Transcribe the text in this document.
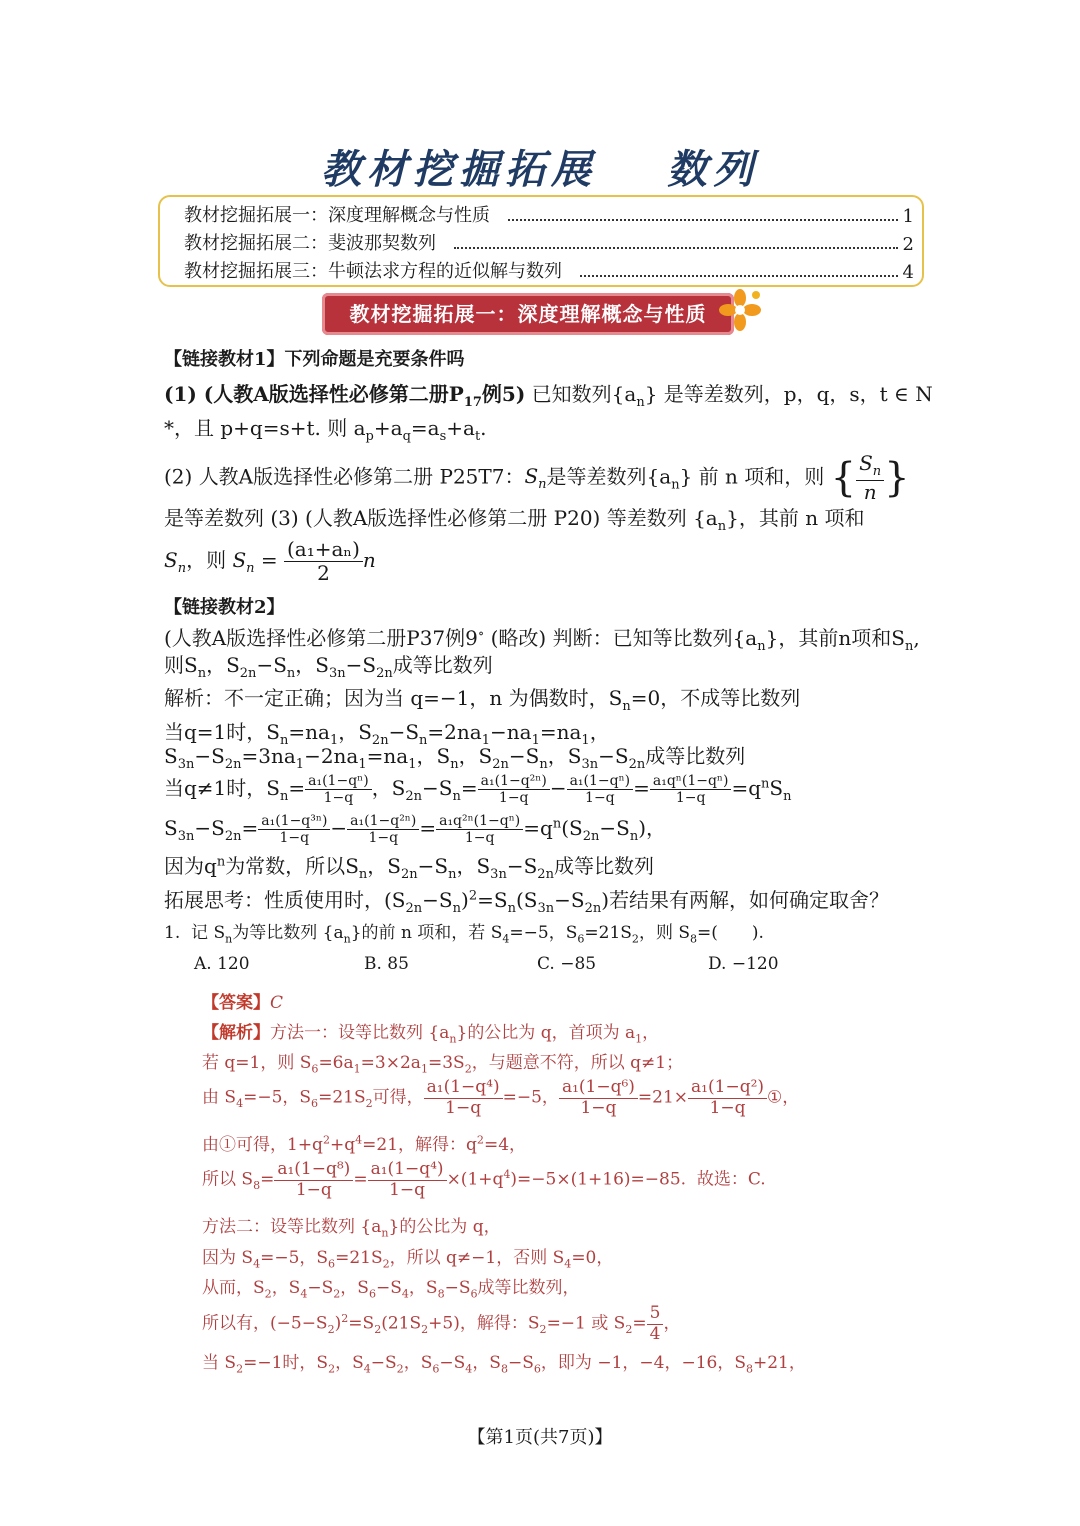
教材挖掘拓展 数列
教材挖掘拓展一：深度理解概念与性质	1
教材挖掘拓展二：斐波那契数列	2
教材挖掘拓展三：牛顿法求方程的近似解与数列	4
教材挖掘拓展一：深度理解概念与性质
【链接教材1】下列命题是充要条件吗
(1) (人教A版选择性必修第二册$P_{17}$例5) 已知数列$\{a_n\}$ 是等差数列，p，q，s，t ∈ N
*，且 p+q=s+t. 则 $a_p+a_q=a_s+a_t$.
(2) 人教A版选择性必修第二册 P25T7：$S_n$是等差数列$\{a_n\}$ 前 n 项和，则 { $\frac{S_n}{n}$ }
是等差数列 (3) (人教A版选择性必修第二册 P20) 等差数列 $\{a_n\}$，其前 n 项和
$S_n$，则 $S_n = \frac{\text{(a₁+aₙ)}}{2}$ n
【链接教材2】
(人教A版选择性必修第二册P37例9∘ (略改) 判断：已知等比数列$\{a_n\}$，其前n项和$S_n$,
则$S_n$，$S_{2n}-S_n$，$S_{3n}-S_{2n}$成等比数列
解析：不一定正确；因为当 q=−1，n 为偶数时，$S_n=0$，不成等比数列
当q=1时，$S_n=na_1$，$S_{2n}-S_n=2na_1-na_1=na_1$，
$S_{3n}-S_{2n}=3na_1-2na_1=na_1$，$S_n$，$S_{2n}-S_n$，$S_{3n}-S_{2n}$成等比数列
当q≠1时，$S_n= \frac{\text{a₁(1−qⁿ)}}{1-q}$ ，$S_{2n}-S_n= \frac{\text{a₁(1−q²ⁿ)}}{1-q} - \frac{\text{a₁(1−qⁿ)}}{1-q} = \frac{\text{a₁qⁿ(1−qⁿ)}}{1-q} =q^nS_n$
$S_{3n}-S_{2n}= \frac{\text{a₁(1−q³ⁿ)}}{1-q} - \frac{\text{a₁(1−q²ⁿ)}}{1-q} = \frac{\text{a₁q²ⁿ(1−qⁿ)}}{1-q} =q^n(S_{2n}-S_n)$，
因为$q^n$为常数，所以$S_n$，$S_{2n}-S_n$，$S_{3n}-S_{2n}$成等比数列
拓展思考：性质使用时，$(S_{2n}-S_n)^2=S_n(S_{3n}-S_{2n})$若结果有两解，如何确定取舍？
1. 记 $S_n$为等比数列 $\{a_n\}$的前 n 项和，若 $S_4=-5$，$S_6=21S_2$，则 $S_8=$(　　).
A. 120	B. 85	C. −85	D. −120
【答案】C
【解析】方法一：设等比数列 $\{a_n\}$的公比为 q，首项为 $a_1$，
若 q=1，则 $S_6=6a_1=3\times 2a_1=3S_2$，与题意不符，所以 q≠1；
由 $S_4=-5$，$S_6=21S_2$可得， $\frac{\text{a₁(1−q⁴)}}{1-q} =-5$， $\frac{\text{a₁(1−q⁶)}}{1-q} =21\times \frac{\text{a₁(1−q²)}}{1-q}$ ①，
由①可得，$1+q^2+q^4=21$，解得：$q^2=4$，
所以 $S_8= \frac{\text{a₁(1−q⁸)}}{1-q} = \frac{\text{a₁(1−q⁴)}}{1-q} \times(1+q^4)=-5\times(1+16)=-85$.  故选：C.
方法二：设等比数列 $\{a_n\}$的公比为 q，
因为 $S_4=-5$，$S_6=21S_2$，所以 q≠−1，否则 $S_4=0$，
从而，$S_2$，$S_4-S_2$，$S_6-S_4$，$S_8-S_6$成等比数列，
所以有，$(-5-S_2)^2=S_2(21S_2+5)$，解得：$S_2=-1$ 或 $S_2= \frac{5}{4}$ ，
当 $S_2=-1$时，$S_2$，$S_4-S_2$，$S_6-S_4$，$S_8-S_6$，即为 −1，−4，−16，$S_8+21$，
【第1页(共7页)】
